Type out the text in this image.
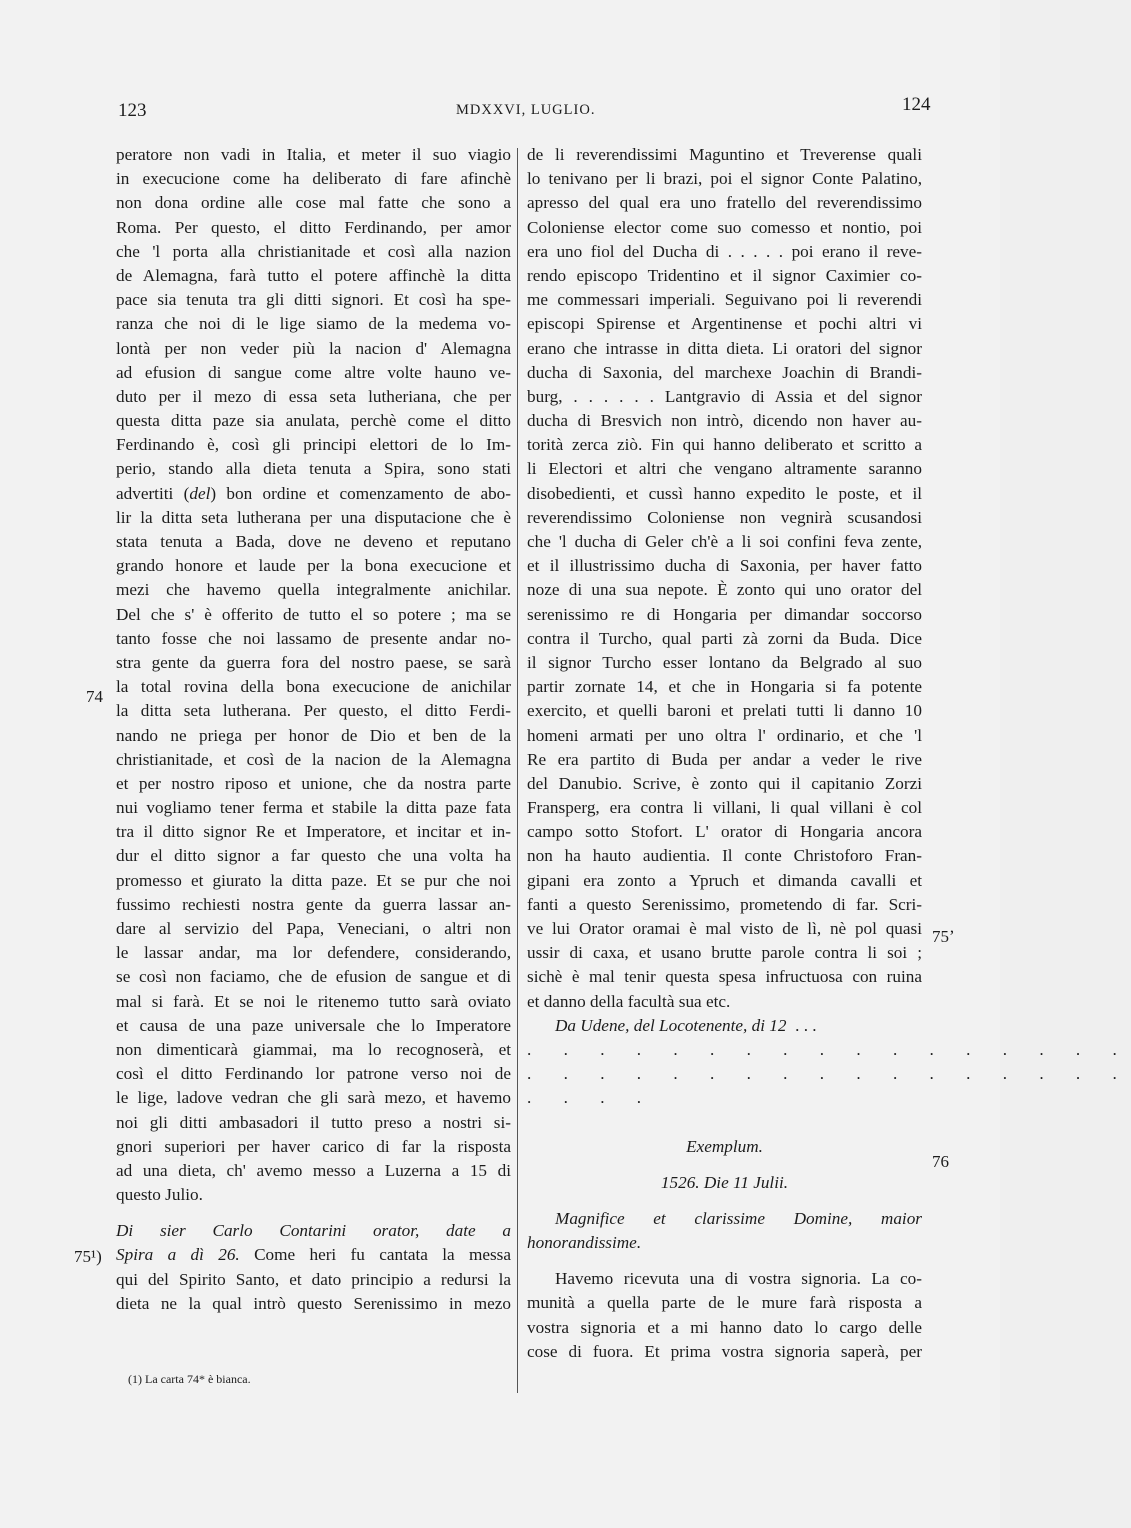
123	MDXXVI, LUGLIO.	124
74
75¹)
75ʼ
76
peratore non vadi in Italia, et meter il suo viagio
in execucione come ha deliberato di fare afinchè
non dona ordine alle cose mal fatte che sono a
Roma. Per questo, el ditto Ferdinando, per amor
che 'l porta alla christianitade et così alla nazion
de Alemagna, farà tutto el potere affinchè la ditta
pace sia tenuta tra gli ditti signori. Et così ha spe-
ranza che noi di le lige siamo de la medema vo-
lontà per non veder più la nacion d' Alemagna
ad efusion di sangue come altre volte hauno ve-
duto per il mezo di essa seta lutheriana, che per
questa ditta paze sia anulata, perchè come el ditto
Ferdinando è, così gli principi elettori de lo Im-
perio, stando alla dieta tenuta a Spira, sono stati
advertiti (del) bon ordine et comenzamento de abo-
lir la ditta seta lutherana per una disputacione che è
stata tenuta a Bada, dove ne deveno et reputano
grando honore et laude per la bona execucione et
mezi che havemo quella integralmente anichilar.
Del che s' è offerito de tutto el so potere ; ma se
tanto fosse che noi lassamo de presente andar no-
stra gente da guerra fora del nostro paese, se sarà
la total rovina della bona execucione de anichilar
la ditta seta lutherana. Per questo, el ditto Ferdi-
nando ne priega per honor de Dio et ben de la
christianitade, et così de la nacion de la Alemagna
et per nostro riposo et unione, che da nostra parte
nui vogliamo tener ferma et stabile la ditta paze fata
tra il ditto signor Re et Imperatore, et incitar et in-
dur el ditto signor a far questo che una volta ha
promesso et giurato la ditta paze. Et se pur che noi
fussimo rechiesti nostra gente da guerra lassar an-
dare al servizio del Papa, Veneciani, o altri non
le lassar andar, ma lor defendere, considerando,
se così non faciamo, che de efusion de sangue et di
mal si farà. Et se noi le ritenemo tutto sarà oviato
et causa de una paze universale che lo Imperatore
non dimenticarà giammai, ma lo recognoserà, et
così el ditto Ferdinando lor patrone verso noi de
le lige, ladove vedran che gli sarà mezo, et havemo
noi gli ditti ambasadori il tutto preso a nostri si-
gnori superiori per haver carico di far la risposta
ad una dieta, ch' avemo messo a Luzerna a 15 di
questo Julio.
Di sier Carlo Contarini orator, date a
Spira a dì 26. Come heri fu cantata la messa
qui del Spirito Santo, et dato principio a redursi la
dieta ne la qual intrò questo Serenissimo in mezo
de li reverendissimi Maguntino et Treverense quali
lo tenivano per li brazi, poi el signor Conte Palatino,
apresso del qual era uno fratello del reverendissimo
Coloniense elector come suo comesso et nontio, poi
era uno fiol del Ducha di . . . . . poi erano il reve-
rendo episcopo Tridentino et il signor Caximier co-
me commessari imperiali. Seguivano poi li reverendi
episcopi Spirense et Argentinense et pochi altri vi
erano che intrasse in ditta dieta. Li oratori del signor
ducha di Saxonia, del marchexe Joachin di Brandi-
burg, . . . . . . Lantgravio di Assia et del signor
ducha di Bresvich non intrò, dicendo non haver au-
torità zerca ziò. Fin qui hanno deliberato et scritto a
li Electori et altri che vengano altramente saranno
disobedienti, et cussì hanno expedito le poste, et il
reverendissimo Coloniense non vegnirà scusandosi
che 'l ducha di Geler ch'è a li soi confini feva zente,
et il illustrissimo ducha di Saxonia, per haver fatto
noze di una sua nepote. È zonto qui uno orator del
serenissimo re di Hongaria per dimandar soccorso
contra il Turcho, qual parti zà zorni da Buda. Dice
il signor Turcho esser lontano da Belgrado al suo
partir zornate 14, et che in Hongaria si fa potente
exercito, et quelli baroni et prelati tutti li danno 10
homeni armati per uno oltra l' ordinario, et che 'l
Re era partito di Buda per andar a veder le rive
del Danubio. Scrive, è zonto qui il capitanio Zorzi
Fransperg, era contra li villani, li qual villani è col
campo sotto Stofort. L' orator di Hongaria ancora
non ha hauto audientia. Il conte Christoforo Fran-
gipani era zonto a Ypruch et dimanda cavalli et
fanti a questo Serenissimo, prometendo di far. Scri-
ve lui Orator oramai è mal visto de lì, nè pol quasi
ussir di caxa, et usano brutte parole contra li soi ;
sichè è mal tenir questa spesa infructuosa con ruina
et danno della facultà sua etc.
Da Udene, del Locotenente, di 12 . . .
. . . . . . . . . . . . . . . . .
. . . . . . . . . . . . . . . . .
. . . .
Exemplum.
1526. Die 11 Julii.
Magnifice et clarissime Domine, maior
honorandissime.
Havemo ricevuta una di vostra signoria. La co-
munità a quella parte de le mure farà risposta a
vostra signoria et a mi hanno dato lo cargo delle
cose di fuora. Et prima vostra signoria saperà, per
(1) La carta 74* è bianca.
